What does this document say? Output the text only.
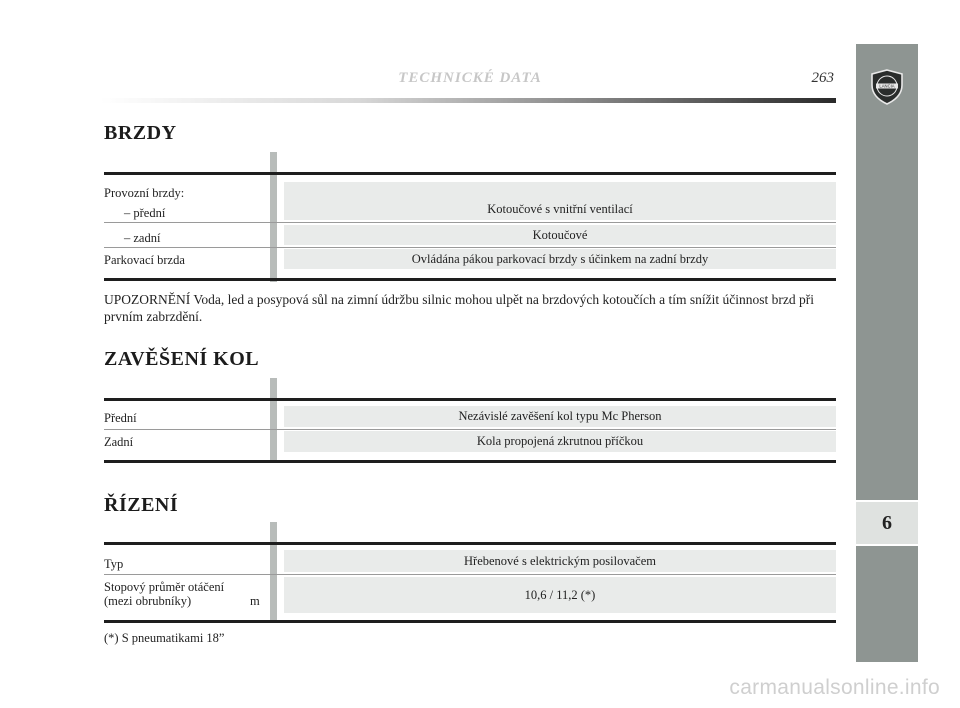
TECHNICKÉ DATA	263
LANCIA
6
BRZDY
Provozní brzdy:
– přední	Kotoučové s vnitřní ventilací
– zadní	Kotoučové
Parkovací brzda	Ovládána pákou parkovací brzdy s účinkem na zadní brzdy
UPOZORNĚNÍ Voda, led a posypová sůl na zimní údržbu silnic mohou ulpět na brzdových kotoučích a tím snížit účinnost brzd při prvním zabrzdění.
ZAVĚŠENÍ KOL
Přední	Nezávislé zavěšení kol typu Mc Pherson
Zadní	Kola propojená zkrutnou příčkou
ŘÍZENÍ
Typ	Hřebenové s elektrickým posilovačem
Stopový průměr otáčení
(mezi obrubníky)	m	10,6 / 11,2 (*)
(*) S pneumatikami 18”
carmanualsonline.info
